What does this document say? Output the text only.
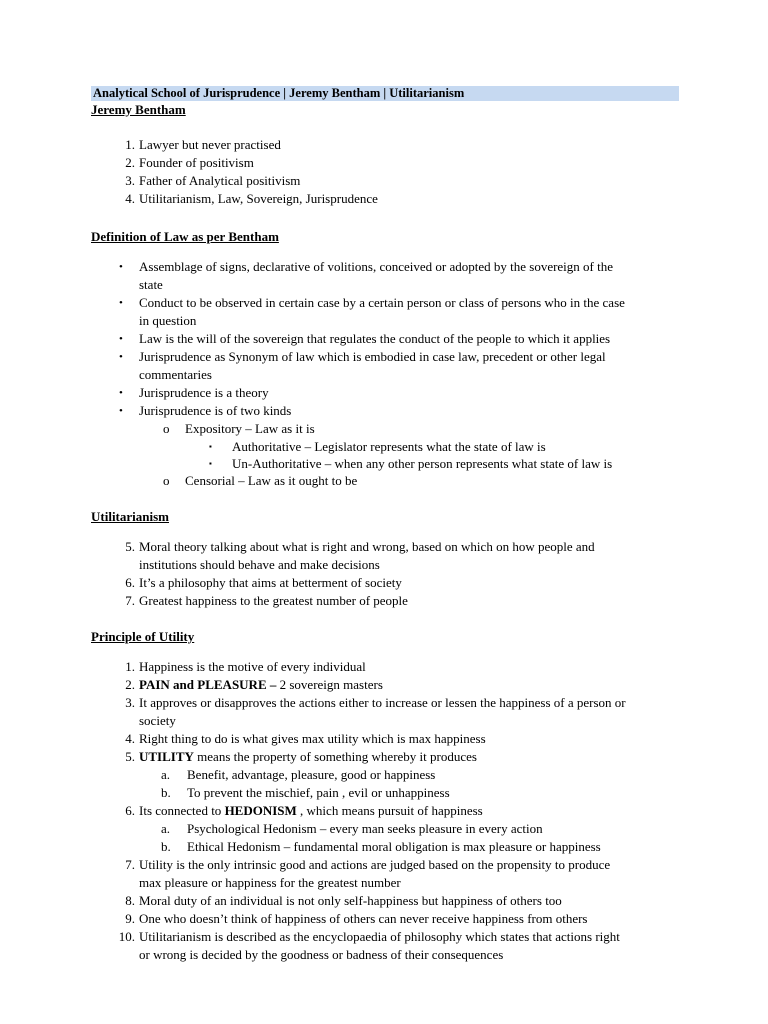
Analytical School of Jurisprudence | Jeremy Bentham | Utilitarianism
Jeremy Bentham
1. Lawyer but never practised
2. Founder of positivism
3. Father of Analytical positivism
4. Utilitarianism, Law, Sovereign, Jurisprudence
Definition of Law as per Bentham
• Assemblage of signs, declarative of volitions, conceived or adopted by the sovereign of the
state
• Conduct to be observed in certain case by a certain person or class of persons who in the case
in question
• Law is the will of the sovereign that regulates the conduct of the people to which it applies
• Jurisprudence as Synonym of law which is embodied in case law, precedent or other legal
commentaries
• Jurisprudence is a theory
• Jurisprudence is of two kinds
o Expository – Law as it is
▪ Authoritative – Legislator represents what the state of law is
▪ Un-Authoritative – when any other person represents what state of law is
o Censorial – Law as it ought to be
Utilitarianism
5. Moral theory talking about what is right and wrong, based on which on how people and
institutions should behave and make decisions
6. It’s a philosophy that aims at betterment of society
7. Greatest happiness to the greatest number of people
Principle of Utility
1. Happiness is the motive of every individual
2. PAIN and PLEASURE – 2 sovereign masters
3. It approves or disapproves the actions either to increase or lessen the happiness of a person or
society
4. Right thing to do is what gives max utility which is max happiness
5. UTILITY means the property of something whereby it produces
a. Benefit, advantage, pleasure, good or happiness
b. To prevent the mischief, pain , evil or unhappiness
6. Its connected to HEDONISM , which means pursuit of happiness
a. Psychological Hedonism – every man seeks pleasure in every action
b. Ethical Hedonism – fundamental moral obligation is max pleasure or happiness
7. Utility is the only intrinsic good and actions are judged based on the propensity to produce
max pleasure or happiness for the greatest number
8. Moral duty of an individual is not only self-happiness but happiness of others too
9. One who doesn’t think of happiness of others can never receive happiness from others
10. Utilitarianism is described as the encyclopaedia of philosophy which states that actions right
or wrong is decided by the goodness or badness of their consequences
